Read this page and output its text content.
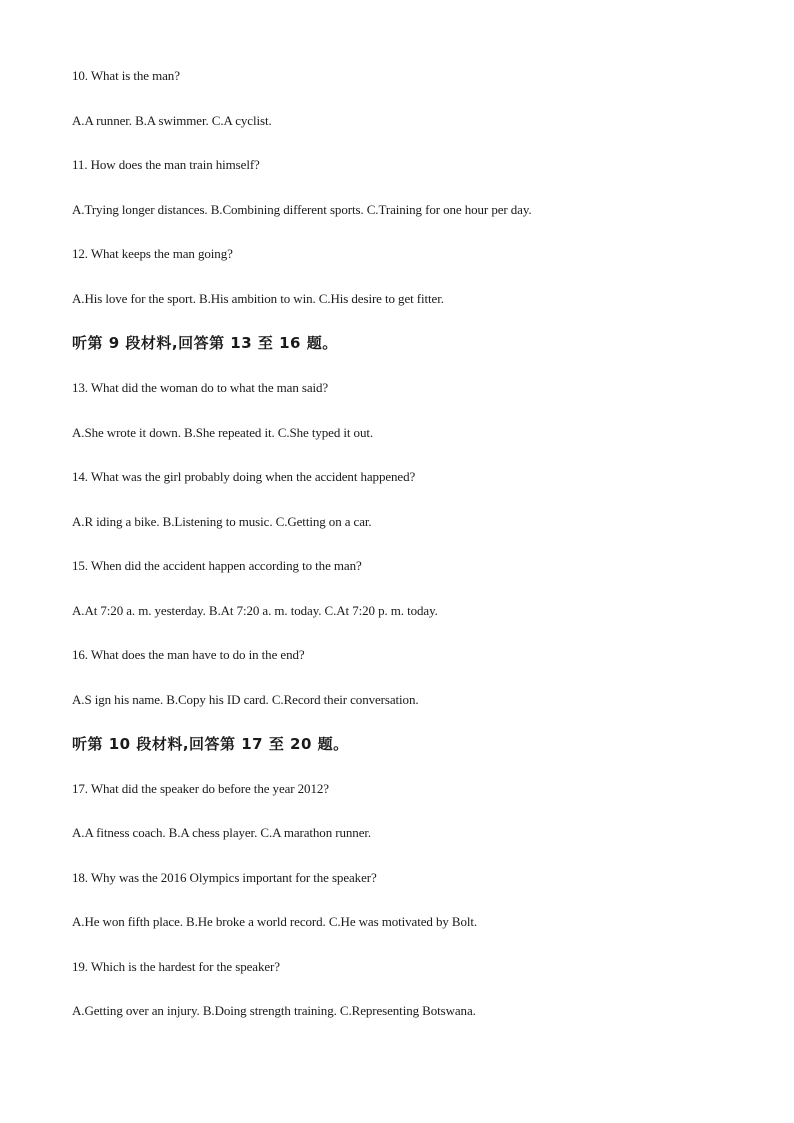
10. What is the man?
A.A runner. B.A swimmer. C.A cyclist.
11. How does the man train himself?
A.Trying longer distances. B.Combining different sports. C.Training for one hour per day.
12. What keeps the man going?
A.His love for the sport. B.His ambition to win. C.His desire to get fitter.
听第 9 段材料,回答第 13 至 16 题。
13. What did the woman do to what the man said?
A.She wrote it down. B.She repeated it. C.She typed it out.
14. What was the girl probably doing when the accident happened?
A.R iding a bike. B.Listening to music. C.Getting on a car.
15. When did the accident happen according to the man?
A.At 7:20 a. m. yesterday. B.At 7:20 a. m. today. C.At 7:20 p. m. today.
16. What does the man have to do in the end?
A.S ign his name. B.Copy his ID card. C.Record their conversation.
听第 10 段材料,回答第 17 至 20 题。
17. What did the speaker do before the year 2012?
A.A fitness coach. B.A chess player. C.A marathon runner.
18. Why was the 2016 Olympics important for the speaker?
A.He won fifth place. B.He broke a world record. C.He was motivated by Bolt.
19. Which is the hardest for the speaker?
A.Getting over an injury. B.Doing strength training. C.Representing Botswana.
